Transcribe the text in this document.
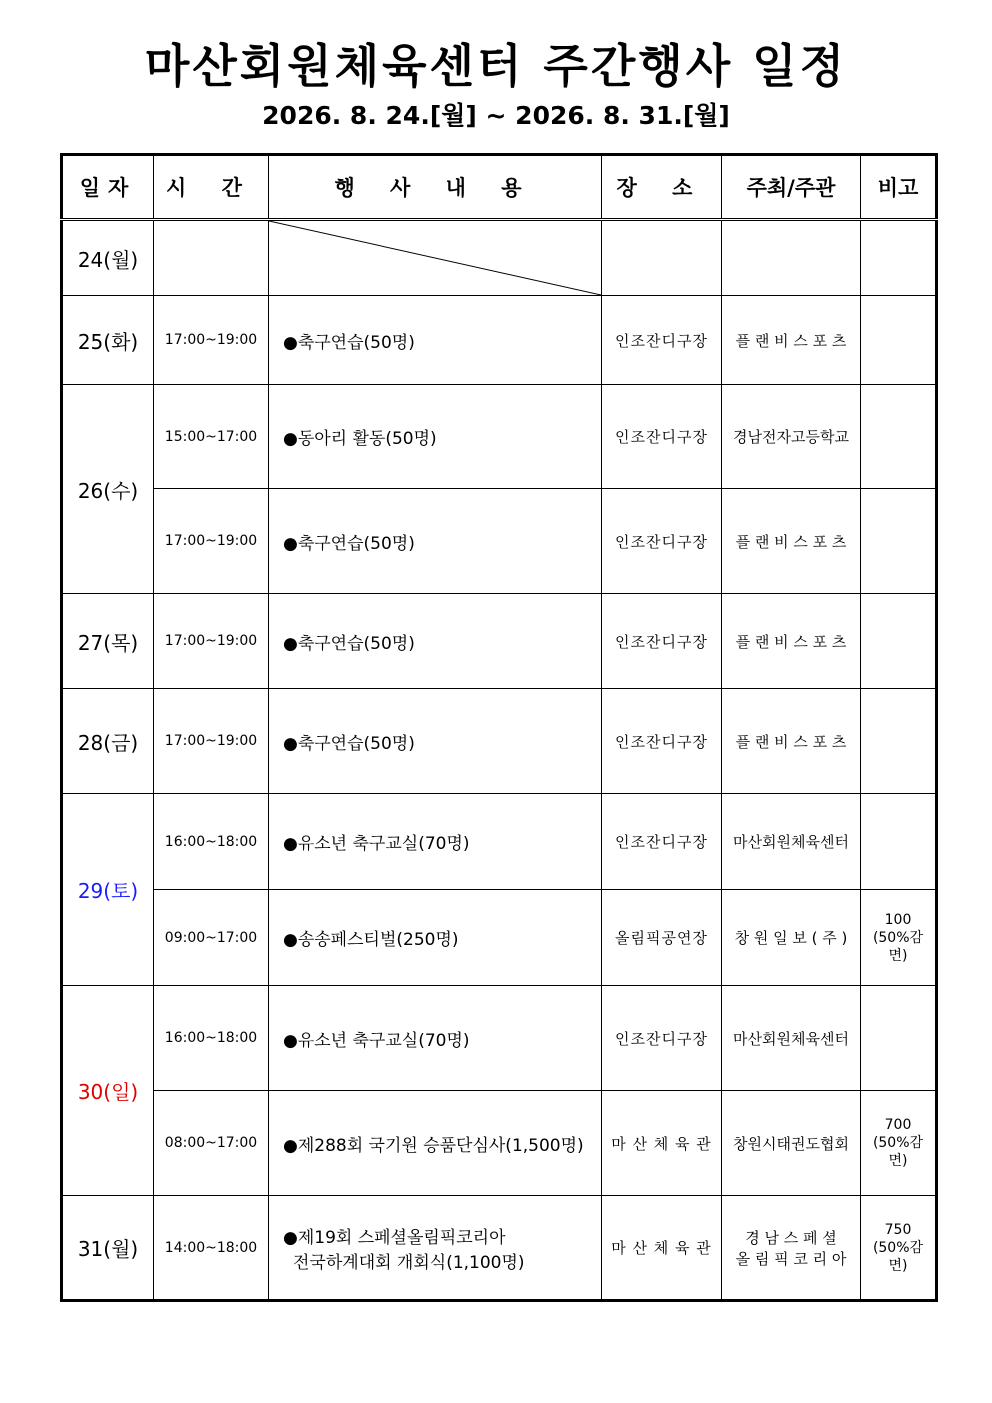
마산회원체육센터 주간행사 일정
2026. 8. 24.[월] ~ 2026. 8. 31.[월]
일자	시 간	행 사 내 용	장 소	주최/주관	비고
24(월)		

25(화)	17:00~19:00	●축구연습(50명)	인조잔디구장	플 랜 비 스 포 츠	
26(수)	15:00~17:00	●동아리 활동(50명)	인조잔디구장	경남전자고등학교	
	17:00~19:00	●축구연습(50명)	인조잔디구장	플 랜 비 스 포 츠	
27(목)	17:00~19:00	●축구연습(50명)	인조잔디구장	플 랜 비 스 포 츠	
28(금)	17:00~19:00	●축구연습(50명)	인조잔디구장	플 랜 비 스 포 츠	
29(토)	16:00~18:00	●유소년 축구교실(70명)	인조잔디구장	마산회원체육센터	
	09:00~17:00	●송송페스티벌(250명)	올림픽공연장	창 원 일 보 ( 주 )	100
(50%감
면)

30(일)	16:00~18:00	●유소년 축구교실(70명)	인조잔디구장	마산회원체육센터	
	08:00~17:00	●제288회 국기원 승품단심사(1,500명)	마 산 체 육 관	창원시태권도협회	700
(50%감
면)

31(월)	14:00~18:00	●제19회 스페셜올림픽코리아
전국하계대회 개회식(1,100명)	마 산 체 육 관	경 남 스 페 셜
올 림 픽 코 리 아	750
(50%감
면)
